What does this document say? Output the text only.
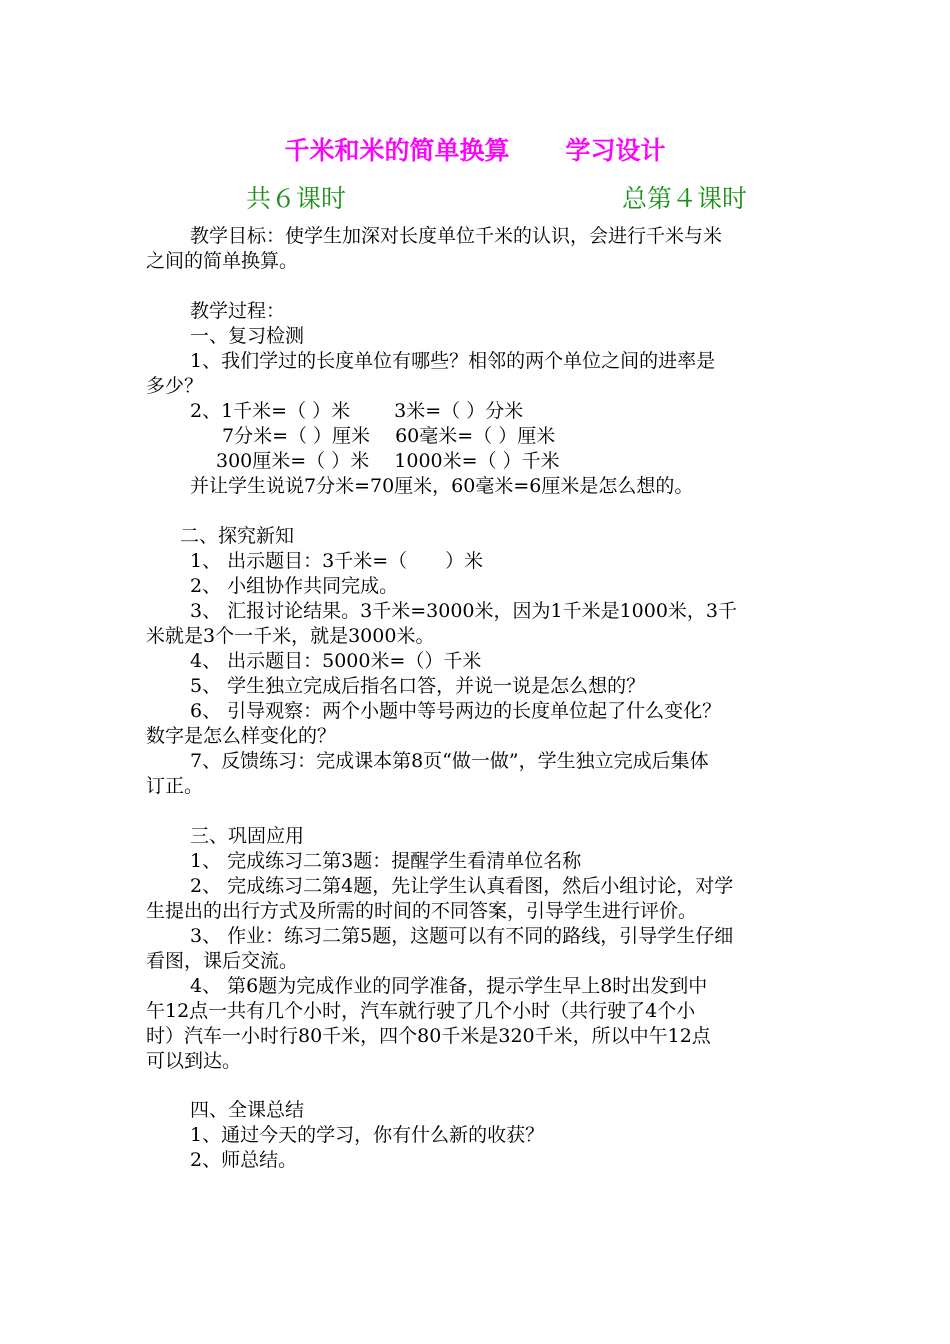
千米和米的简单换算 学习设计
共６课时	总第４课时
教学目标：使学生加深对长度单位千米的认识，会进行千米与米
之间的简单换算。
教学过程：
一、复习检测
1、我们学过的长度单位有哪些？相邻的两个单位之间的进率是
多少？
2、1千米=（ ）米　　 3米=（ ）分米
7分米=（ ）厘米　 60毫米=（ ）厘米
300厘米=（ ）米　 1000米=（ ）千米
并让学生说说7分米=70厘米，60毫米=6厘米是怎么想的。
二、探究新知
1、 出示题目：3千米=（　　）米
2、 小组协作共同完成。
3、 汇报讨论结果。3千米=3000米，因为1千米是1000米，3千
米就是3个一千米，就是3000米。
4、 出示题目：5000米=（）千米
5、 学生独立完成后指名口答，并说一说是怎么想的？
6、 引导观察：两个小题中等号两边的长度单位起了什么变化？
数字是怎么样变化的？
7、反馈练习：完成课本第8页“做一做”，学生独立完成后集体
订正。
三、巩固应用
1、 完成练习二第3题：提醒学生看清单位名称
2、 完成练习二第4题，先让学生认真看图，然后小组讨论，对学
生提出的出行方式及所需的时间的不同答案，引导学生进行评价。
3、 作业：练习二第5题，这题可以有不同的路线，引导学生仔细
看图，课后交流。
4、 第6题为完成作业的同学准备，提示学生早上8时出发到中
午12点一共有几个小时，汽车就行驶了几个小时（共行驶了4个小
时）汽车一小时行80千米，四个80千米是320千米，所以中午12点
可以到达。
四、全课总结
1、通过今天的学习，你有什么新的收获？
2、师总结。
